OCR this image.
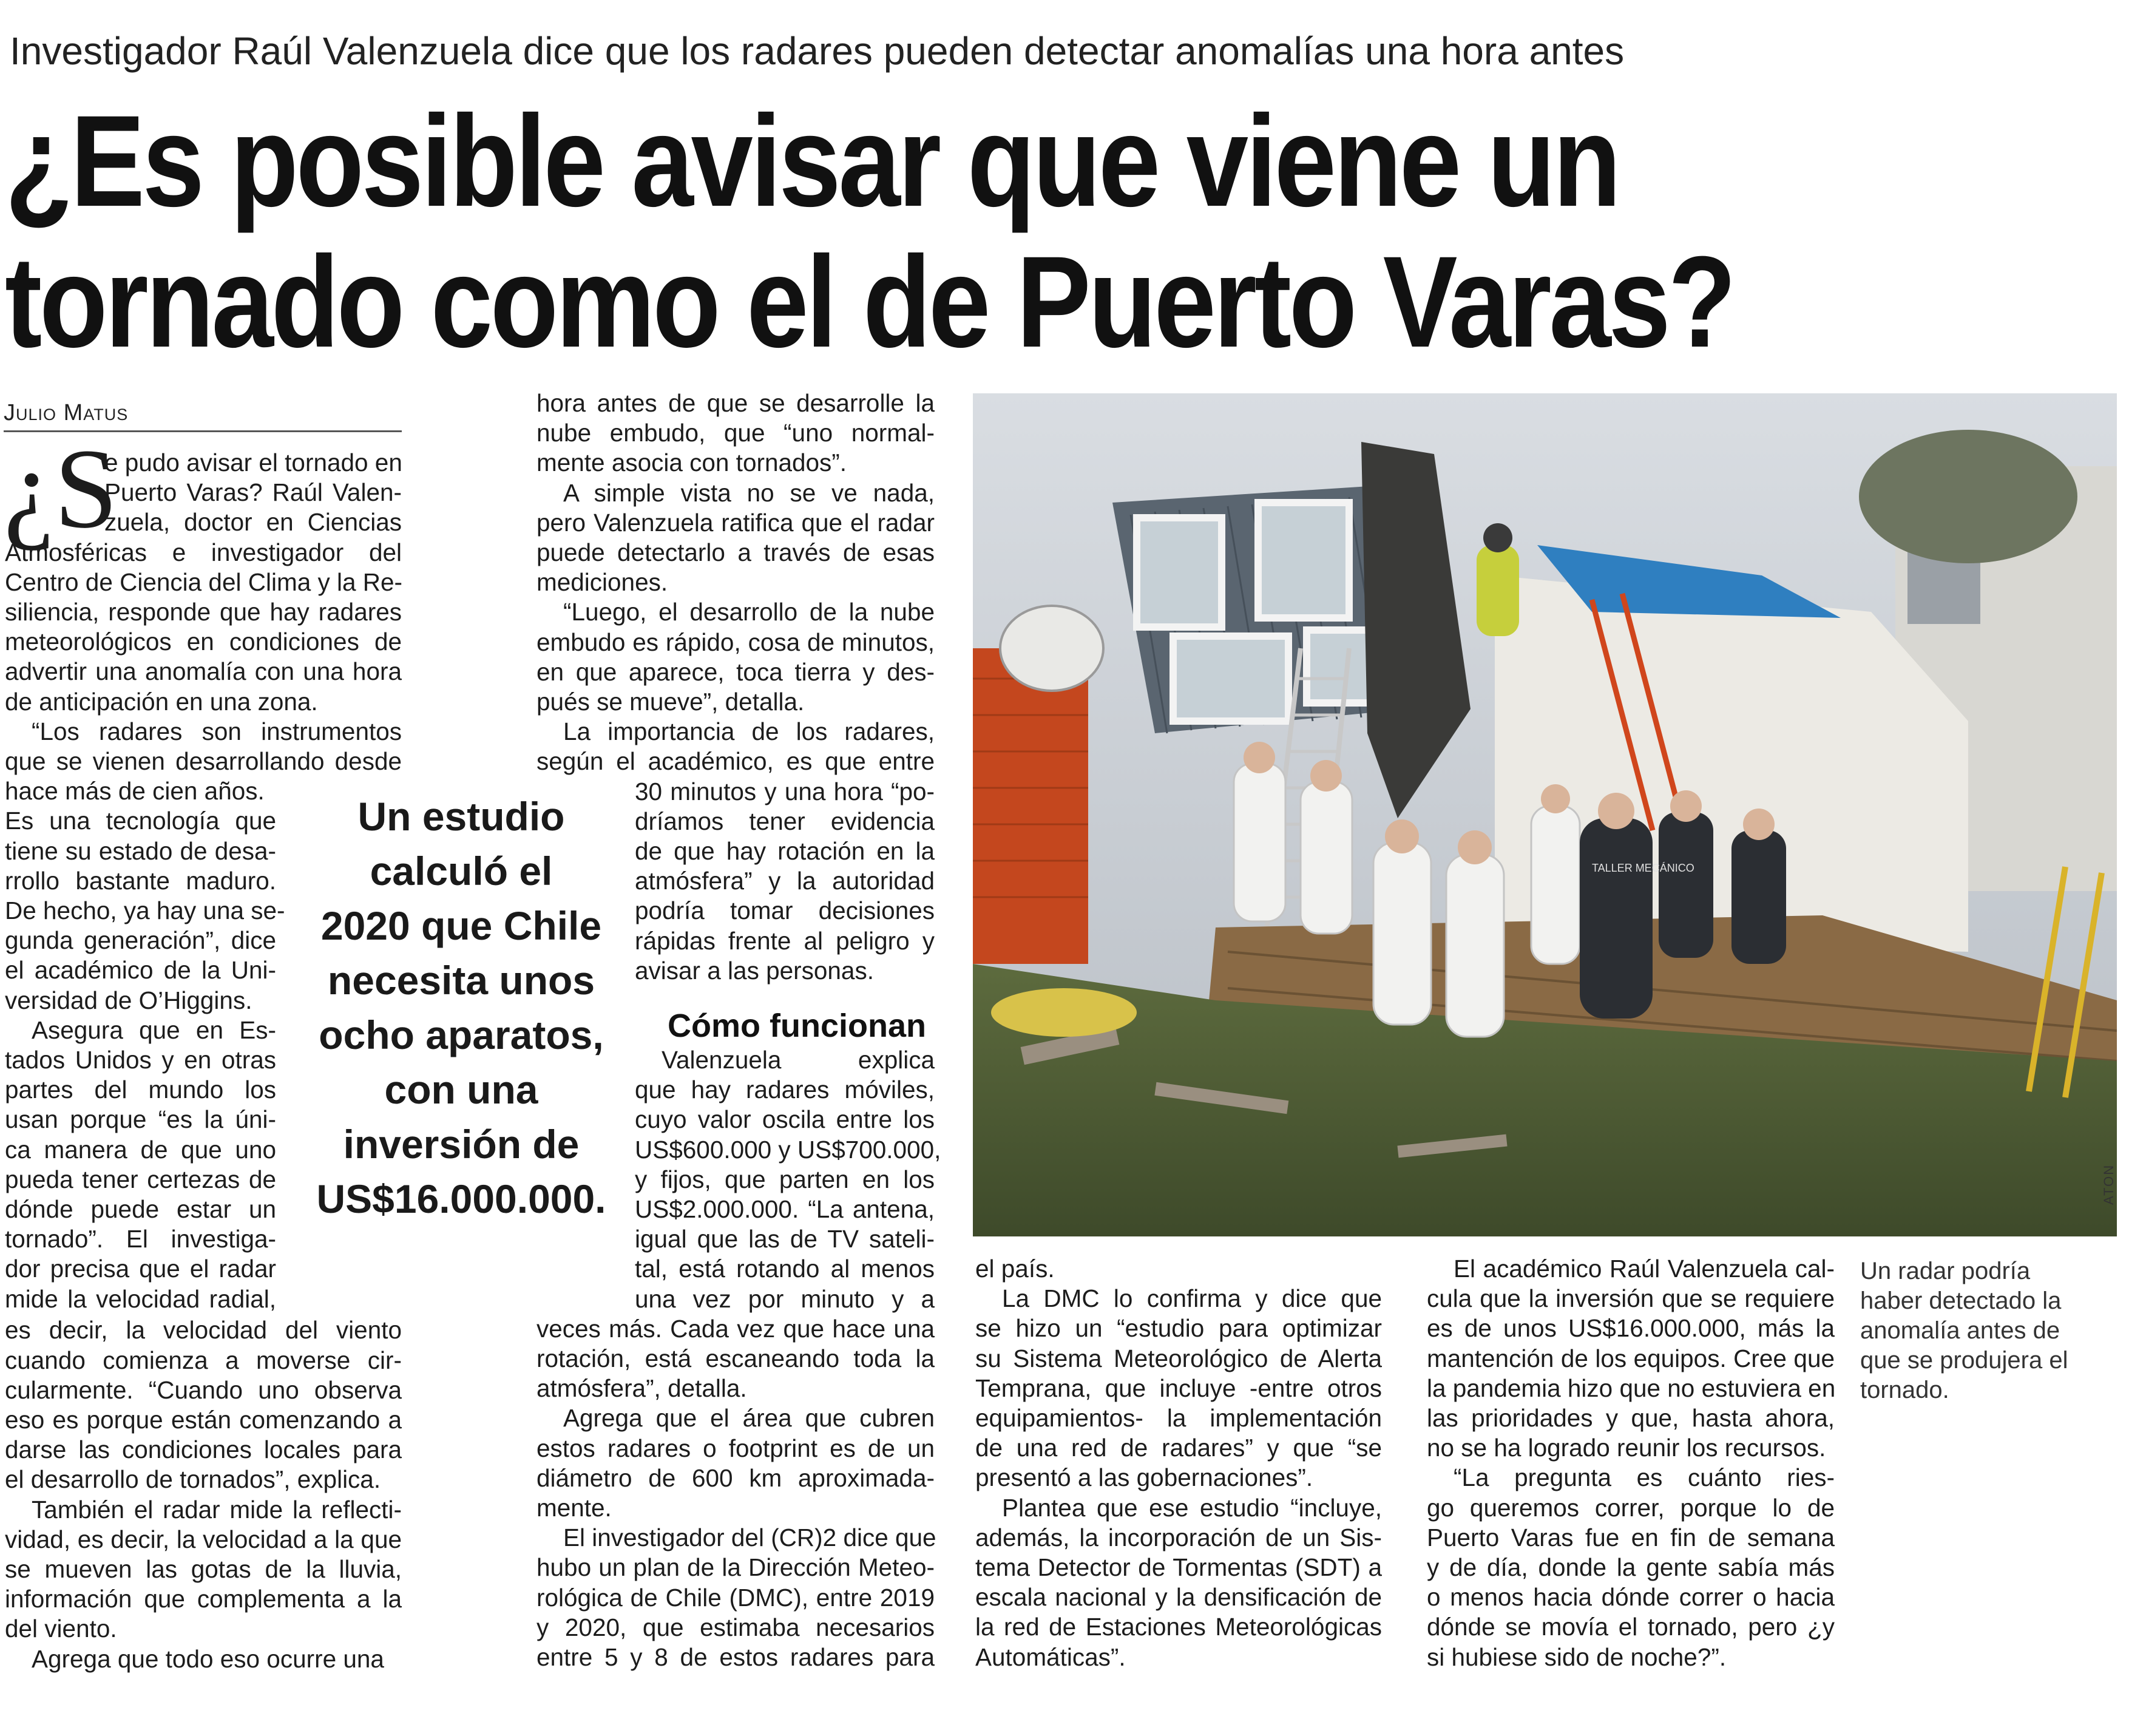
Investigador Raúl Valenzuela dice que los radares pueden detectar anomalías una hora antes
¿Es posible avisar que viene un
tornado como el de Puerto Varas?
Julio Matus
¿S
e pudo avisar el tornado en
Puerto Varas? Raúl Valen-
zuela, doctor en Ciencias
Atmosféricas e investigador del
Centro de Ciencia del Clima y la Re-
siliencia, responde que hay radares
meteorológicos en condiciones de
advertir una anomalía con una hora
de anticipación en una zona.
“Los radares son instrumentos
que se vienen desarrollando desde
hace más de cien años.
Es una tecnología que
tiene su estado de desa-
rrollo bastante maduro.
De hecho, ya hay una se-
gunda generación”, dice
el académico de la Uni-
versidad de O’Higgins.
Asegura que en Es-
tados Unidos y en otras
partes del mundo los
usan porque “es la úni-
ca manera de que uno
pueda tener certezas de
dónde puede estar un
tornado”. El investiga-
dor precisa que el radar
mide la velocidad radial,
es decir, la velocidad del viento
cuando comienza a moverse cir-
cularmente. “Cuando uno observa
eso es porque están comenzando a
darse las condiciones locales para
el desarrollo de tornados”, explica.
También el radar mide la reflecti-
vidad, es decir, la velocidad a la que
se mueven las gotas de la lluvia,
información que complementa a la
del viento.
Agrega que todo eso ocurre una
Un estudio
calculó el
2020 que Chile
necesita unos
ocho aparatos,
con una
inversión de
US$16.000.000.
hora antes de que se desarrolle la
nube embudo, que “uno normal-
mente asocia con tornados”.
A simple vista no se ve nada,
pero Valenzuela ratifica que el radar
puede detectarlo a través de esas
mediciones.
“Luego, el desarrollo de la nube
embudo es rápido, cosa de minutos,
en que aparece, toca tierra y des-
pués se mueve”, detalla.
La importancia de los radares,
según el académico, es que entre
30 minutos y una hora “po-
dríamos tener evidencia
de que hay rotación en la
atmósfera” y la autoridad
podría tomar decisiones
rápidas frente al peligro y
avisar a las personas.
Cómo funcionan
Valenzuela explica
que hay radares móviles,
cuyo valor oscila entre los
US$600.000 y US$700.000,
y fijos, que parten en los
US$2.000.000. “La antena,
igual que las de TV sateli-
tal, está rotando al menos
una vez por minuto y a
veces más. Cada vez que hace una
rotación, está escaneando toda la
atmósfera”, detalla.
Agrega que el área que cubren
estos radares o footprint es de un
diámetro de 600 km aproximada-
mente.
El investigador del (CR)2 dice que
hubo un plan de la Dirección Meteo-
rológica de Chile (DMC), entre 2019
y 2020, que estimaba necesarios
entre 5 y 8 de estos radares para
TALLER MECÁNICO
ATON
el país.
La DMC lo confirma y dice que
se hizo un “estudio para optimizar
su Sistema Meteorológico de Alerta
Temprana, que incluye -entre otros
equipamientos- la implementación
de una red de radares” y que “se
presentó a las gobernaciones”.
Plantea que ese estudio “incluye,
además, la incorporación de un Sis-
tema Detector de Tormentas (SDT) a
escala nacional y la densificación de
la red de Estaciones Meteorológicas
Automáticas”.
El académico Raúl Valenzuela cal-
cula que la inversión que se requiere
es de unos US$16.000.000, más la
mantención de los equipos. Cree que
la pandemia hizo que no estuviera en
las prioridades y que, hasta ahora,
no se ha logrado reunir los recursos.
“La pregunta es cuánto ries-
go queremos correr, porque lo de
Puerto Varas fue en fin de semana
y de día, donde la gente sabía más
o menos hacia dónde correr o hacia
dónde se movía el tornado, pero ¿y
si hubiese sido de noche?”.
Un radar podría
haber detectado la
anomalía antes de
que se produjera el
tornado.
